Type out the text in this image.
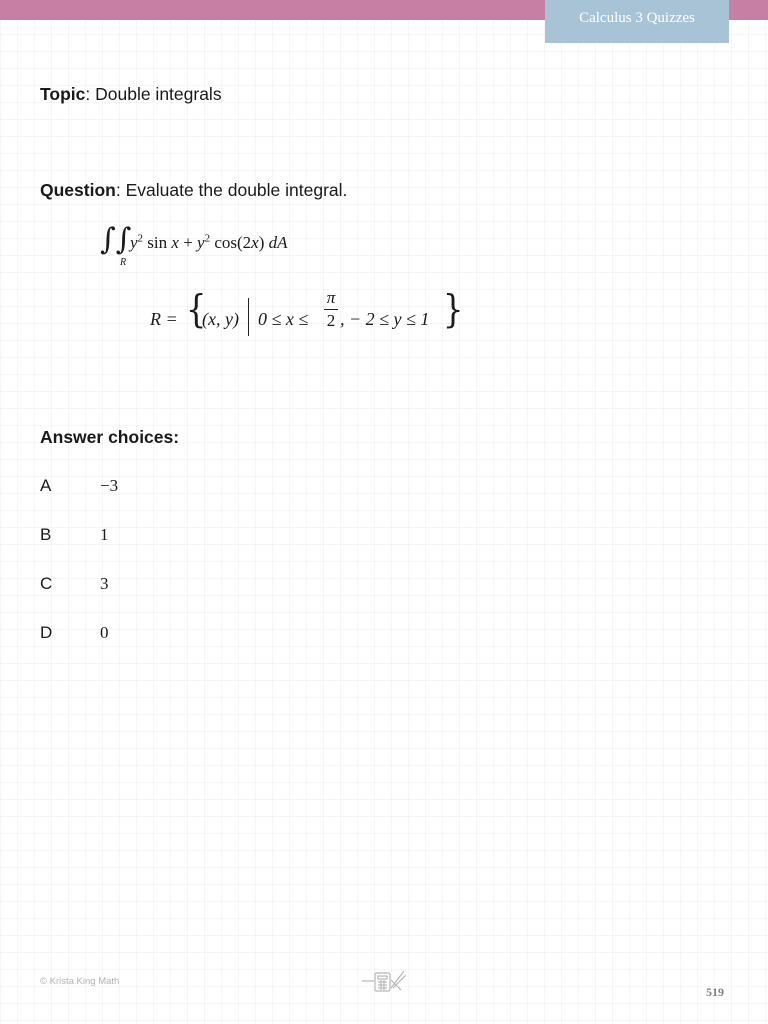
Calculus 3 Quizzes
Topic: Double integrals
Question: Evaluate the double integral.
∫∫
R
$y^2$ $\sin x + y^2$ cos(2x) dA
R = {
(x, y) 0 ≤ x ≤
π
2 , − 2 ≤ y ≤ 1 }
Answer choices:
A	−3
B	1
C	3
D	0
© Krista King Math
519
